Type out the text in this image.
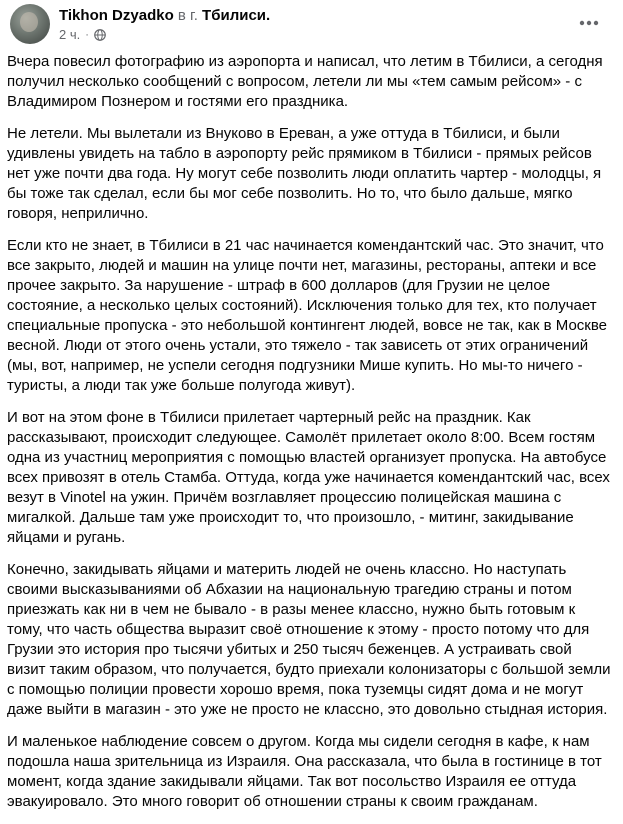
Tikhon Dzyadko в г. Тбилиси.
2 ч. ·

Вчера повесил фотографию из аэропорта и написал, что летим в Тбилиси, а сегодня получил несколько сообщений с вопросом, летели ли мы «тем самым рейсом» - с Владимиром Познером и гостями его праздника.

Не летели. Мы вылетали из Внуково в Ереван, а уже оттуда в Тбилиси, и были удивлены увидеть на табло в аэропорту рейс прямиком в Тбилиси - прямых рейсов нет уже почти два года. Ну могут себе позволить люди оплатить чартер - молодцы, я бы тоже так сделал, если бы мог себе позволить. Но то, что было дальше, мягко говоря, неприлично.

Если кто не знает, в Тбилиси в 21 час начинается комендантский час. Это значит, что все закрыто, людей и машин на улице почти нет, магазины, рестораны, аптеки и все прочее закрыто. За нарушение - штраф в 600 долларов (для Грузии не целое состояние, а несколько целых состояний). Исключения только для тех, кто получает специальные пропуска - это небольшой контингент людей, вовсе не так, как в Москве весной. Люди от этого очень устали, это тяжело - так зависеть от этих ограничений (мы, вот, например, не успели сегодня подгузники Мише купить. Но мы-то ничего - туристы, а люди так уже больше полугода живут).

И вот на этом фоне в Тбилиси прилетает чартерный рейс на праздник. Как рассказывают, происходит следующее. Самолёт прилетает около 8:00. Всем гостям одна из участниц мероприятия с помощью властей организует пропуска. На автобусе всех привозят в отель Стамба. Оттуда, когда уже начинается комендантский час, всех везут в Vinotel на ужин. Причём возглавляет процессию полицейская машина с мигалкой. Дальше там уже происходит то, что произошло, - митинг, закидывание яйцами и ругань.

Конечно, закидывать яйцами и материть людей не очень классно. Но наступать своими высказываниями об Абхазии на национальную трагедию страны и потом приезжать как ни в чем не бывало - в разы менее классно, нужно быть готовым к тому, что часть общества выразит своё отношение к этому - просто потому что для Грузии это история про тысячи убитых и 250 тысяч беженцев. А устраивать свой визит таким образом, что получается, будто приехали колонизаторы с большой земли с помощью полиции провести хорошо время, пока туземцы сидят дома и не могут даже выйти в магазин - это уже не просто не классно, это довольно стыдная история.

И маленькое наблюдение совсем о другом. Когда мы сидели сегодня в кафе, к нам подошла наша зрительница из Израиля. Она рассказала, что была в гостинице в тот момент, когда здание закидывали яйцами. Так вот посольство Израиля ее оттуда эвакуировало. Это много говорит об отношении страны к своим гражданам.
